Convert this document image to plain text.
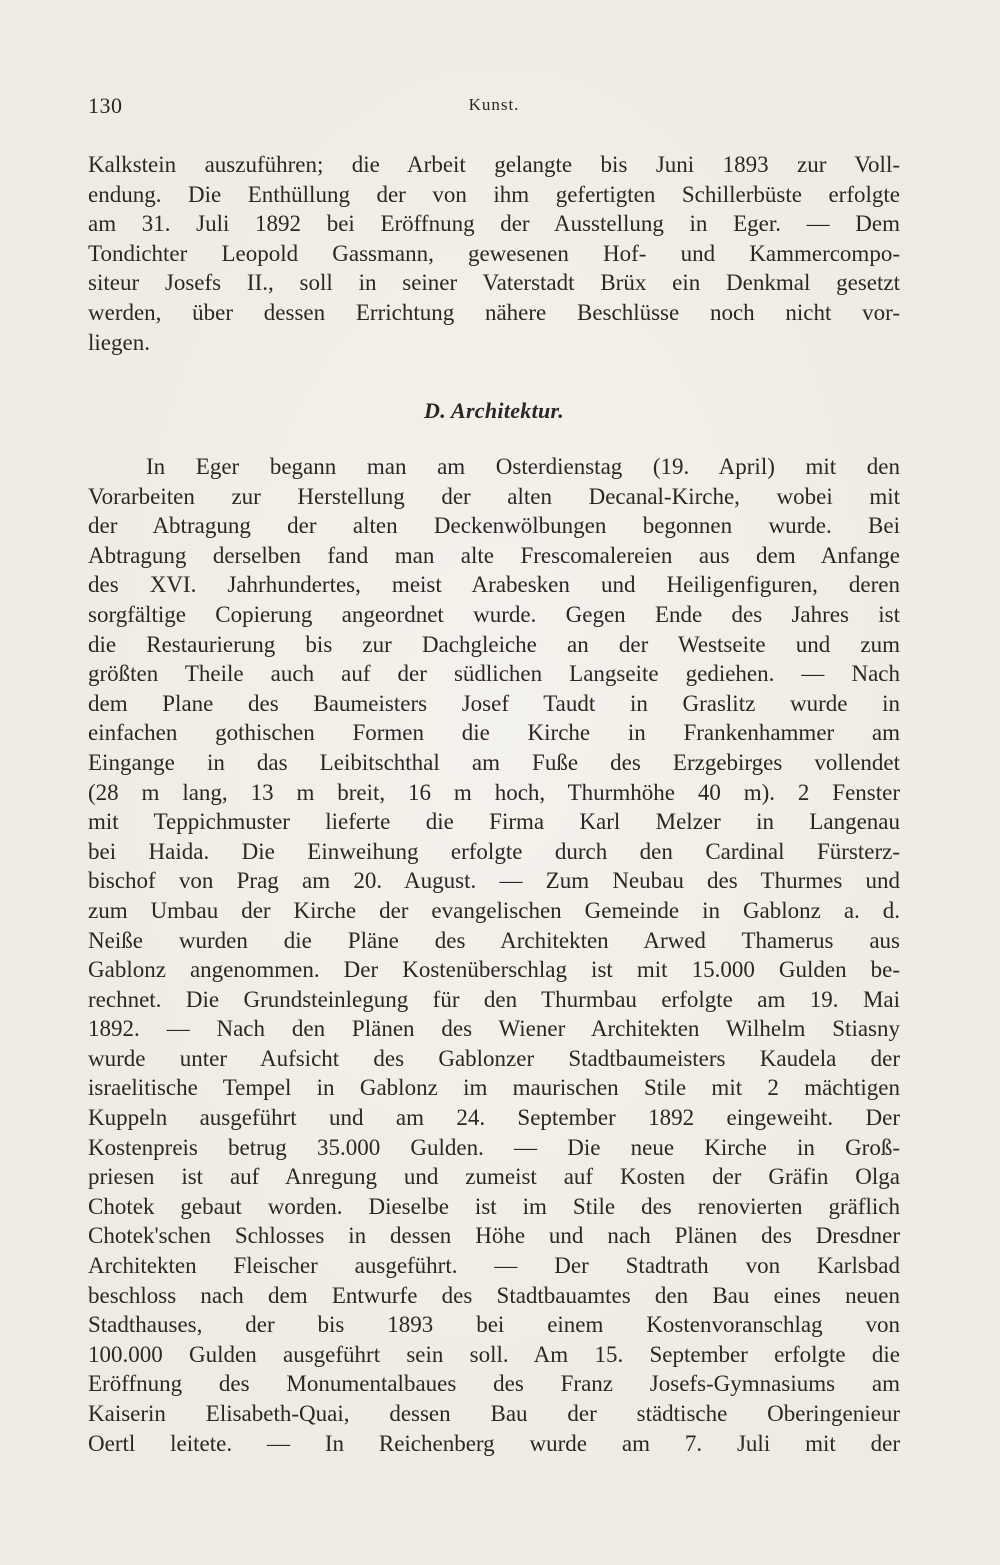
130	Kunst.
Kalkstein auszuführen; die Arbeit gelangte bis Juni 1893 zur Voll-
endung. Die Enthüllung der von ihm gefertigten Schillerbüste erfolgte
am 31. Juli 1892 bei Eröffnung der Ausstellung in Eger. — Dem
Tondichter Leopold Gassmann, gewesenen Hof- und Kammercompo-
siteur Josefs II., soll in seiner Vaterstadt Brüx ein Denkmal gesetzt
werden, über dessen Errichtung nähere Beschlüsse noch nicht vor-
liegen.
D. Architektur.
In Eger begann man am Osterdienstag (19. April) mit den
Vorarbeiten zur Herstellung der alten Decanal-Kirche, wobei mit
der Abtragung der alten Deckenwölbungen begonnen wurde. Bei
Abtragung derselben fand man alte Frescomalereien aus dem Anfange
des XVI. Jahrhundertes, meist Arabesken und Heiligenfiguren, deren
sorgfältige Copierung angeordnet wurde. Gegen Ende des Jahres ist
die Restaurierung bis zur Dachgleiche an der Westseite und zum
größten Theile auch auf der südlichen Langseite gediehen. — Nach
dem Plane des Baumeisters Josef Taudt in Graslitz wurde in
einfachen gothischen Formen die Kirche in Frankenhammer am
Eingange in das Leibitschthal am Fuße des Erzgebirges vollendet
(28 m lang, 13 m breit, 16 m hoch, Thurmhöhe 40 m). 2 Fenster
mit Teppichmuster lieferte die Firma Karl Melzer in Langenau
bei Haida. Die Einweihung erfolgte durch den Cardinal Fürsterz-
bischof von Prag am 20. August. — Zum Neubau des Thurmes und
zum Umbau der Kirche der evangelischen Gemeinde in Gablonz a. d.
Neiße wurden die Pläne des Architekten Arwed Thamerus aus
Gablonz angenommen. Der Kostenüberschlag ist mit 15.000 Gulden be-
rechnet. Die Grundsteinlegung für den Thurmbau erfolgte am 19. Mai
1892. — Nach den Plänen des Wiener Architekten Wilhelm Stiasny
wurde unter Aufsicht des Gablonzer Stadtbaumeisters Kaudela der
israelitische Tempel in Gablonz im maurischen Stile mit 2 mächtigen
Kuppeln ausgeführt und am 24. September 1892 eingeweiht. Der
Kostenpreis betrug 35.000 Gulden. — Die neue Kirche in Groß-
priesen ist auf Anregung und zumeist auf Kosten der Gräfin Olga
Chotek gebaut worden. Dieselbe ist im Stile des renovierten gräflich
Chotek'schen Schlosses in dessen Höhe und nach Plänen des Dresdner
Architekten Fleischer ausgeführt. — Der Stadtrath von Karlsbad
beschloss nach dem Entwurfe des Stadtbauamtes den Bau eines neuen
Stadthauses, der bis 1893 bei einem Kostenvoranschlag von
100.000 Gulden ausgeführt sein soll. Am 15. September erfolgte die
Eröffnung des Monumentalbaues des Franz Josefs-Gymnasiums am
Kaiserin Elisabeth-Quai, dessen Bau der städtische Oberingenieur
Oertl leitete. — In Reichenberg wurde am 7. Juli mit der
